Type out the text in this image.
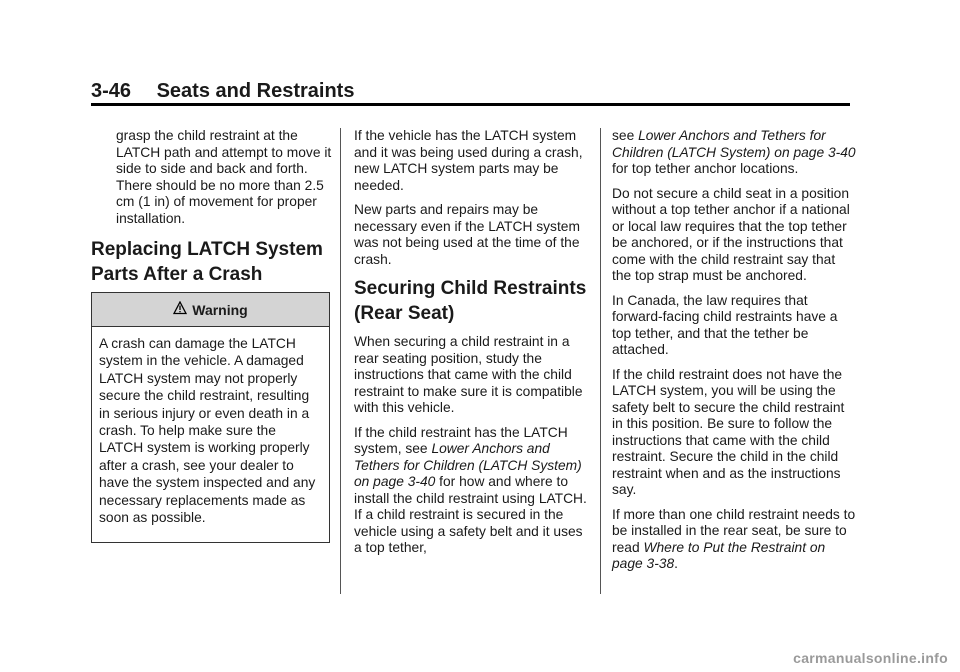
3-46 Seats and Restraints

grasp the child restraint at the LATCH path and attempt to move it side to side and back and forth. There should be no more than 2.5 cm (1 in) of movement for proper installation.

Replacing LATCH System Parts After a Crash
Warning
A crash can damage the LATCH system in the vehicle. A damaged LATCH system may not properly secure the child restraint, resulting in serious injury or even death in a crash. To help make sure the LATCH system is working properly after a crash, see your dealer to have the system inspected and any necessary replacements made as soon as possible.

If the vehicle has the LATCH system and it was being used during a crash, new LATCH system parts may be needed.

New parts and repairs may be necessary even if the LATCH system was not being used at the time of the crash.

Securing Child Restraints (Rear Seat)

When securing a child restraint in a rear seating position, study the instructions that came with the child restraint to make sure it is compatible with this vehicle.

If the child restraint has the LATCH system, see Lower Anchors and Tethers for Children (LATCH System) on page 3-40 for how and where to install the child restraint using LATCH. If a child restraint is secured in the vehicle using a safety belt and it uses a top tether,

see Lower Anchors and Tethers for Children (LATCH System) on page 3-40 for top tether anchor locations.

Do not secure a child seat in a position without a top tether anchor if a national or local law requires that the top tether be anchored, or if the instructions that come with the child restraint say that the top strap must be anchored.

In Canada, the law requires that forward-facing child restraints have a top tether, and that the tether be attached.

If the child restraint does not have the LATCH system, you will be using the safety belt to secure the child restraint in this position. Be sure to follow the instructions that came with the child restraint. Secure the child in the child restraint when and as the instructions say.

If more than one child restraint needs to be installed in the rear seat, be sure to read Where to Put the Restraint on page 3-38.

carmanualsonline.info
